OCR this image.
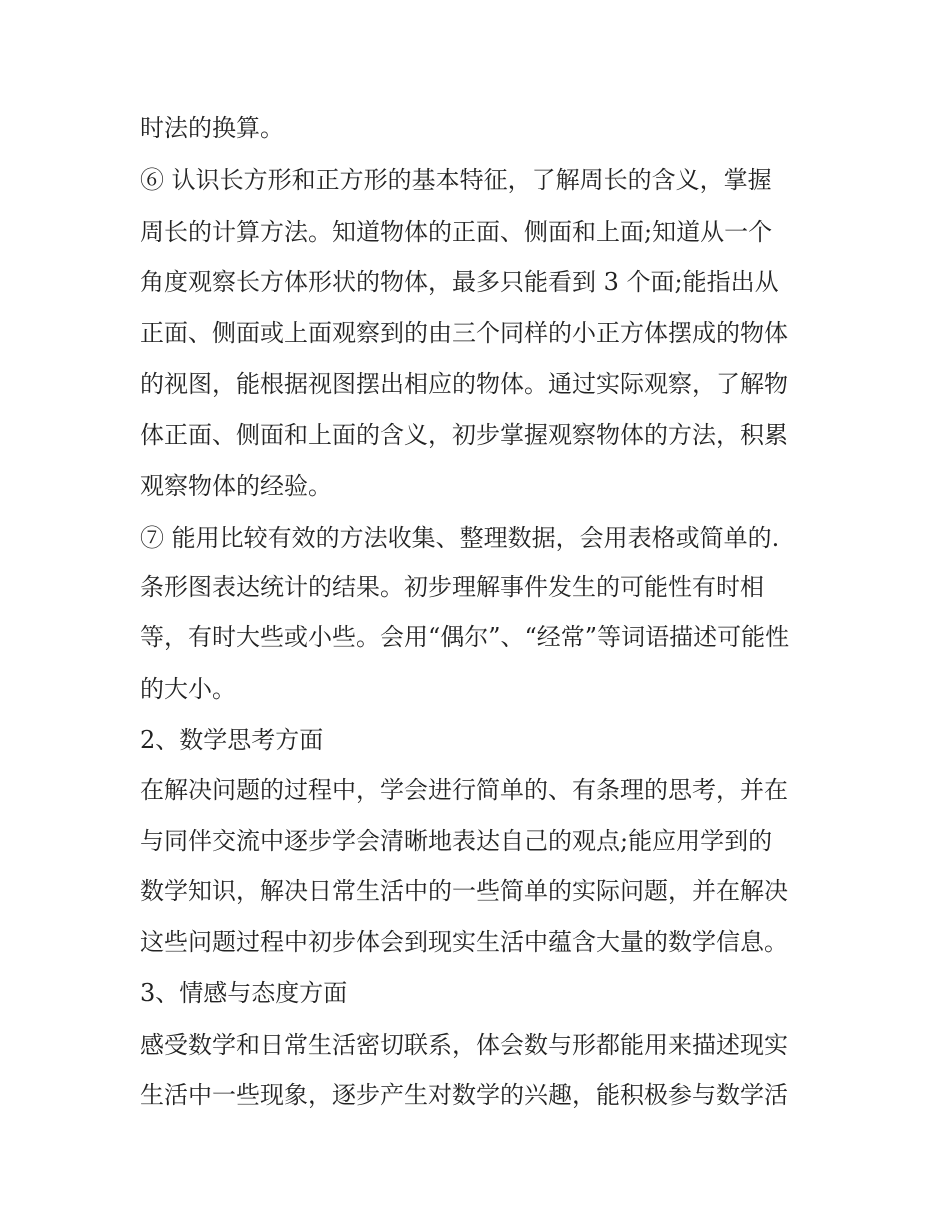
时法的换算。
⑥ 认识长方形和正方形的基本特征，了解周长的含义，掌握
周长的计算方法。知道物体的正面、侧面和上面;知道从一个
角度观察长方体形状的物体，最多只能看到 3 个面;能指出从
正面、侧面或上面观察到的由三个同样的小正方体摆成的物体
的视图，能根据视图摆出相应的物体。通过实际观察，了解物
体正面、侧面和上面的含义，初步掌握观察物体的方法，积累
观察物体的经验。
⑦ 能用比较有效的方法收集、整理数据，会用表格或简单的.
条形图表达统计的结果。初步理解事件发生的可能性有时相
等，有时大些或小些。会用“偶尔”、“经常”等词语描述可能性
的大小。
2、数学思考方面
在解决问题的过程中，学会进行简单的、有条理的思考，并在
与同伴交流中逐步学会清晰地表达自己的观点;能应用学到的
数学知识，解决日常生活中的一些简单的实际问题，并在解决
这些问题过程中初步体会到现实生活中蕴含大量的数学信息。
3、情感与态度方面
感受数学和日常生活密切联系，体会数与形都能用来描述现实
生活中一些现象，逐步产生对数学的兴趣，能积极参与数学活
